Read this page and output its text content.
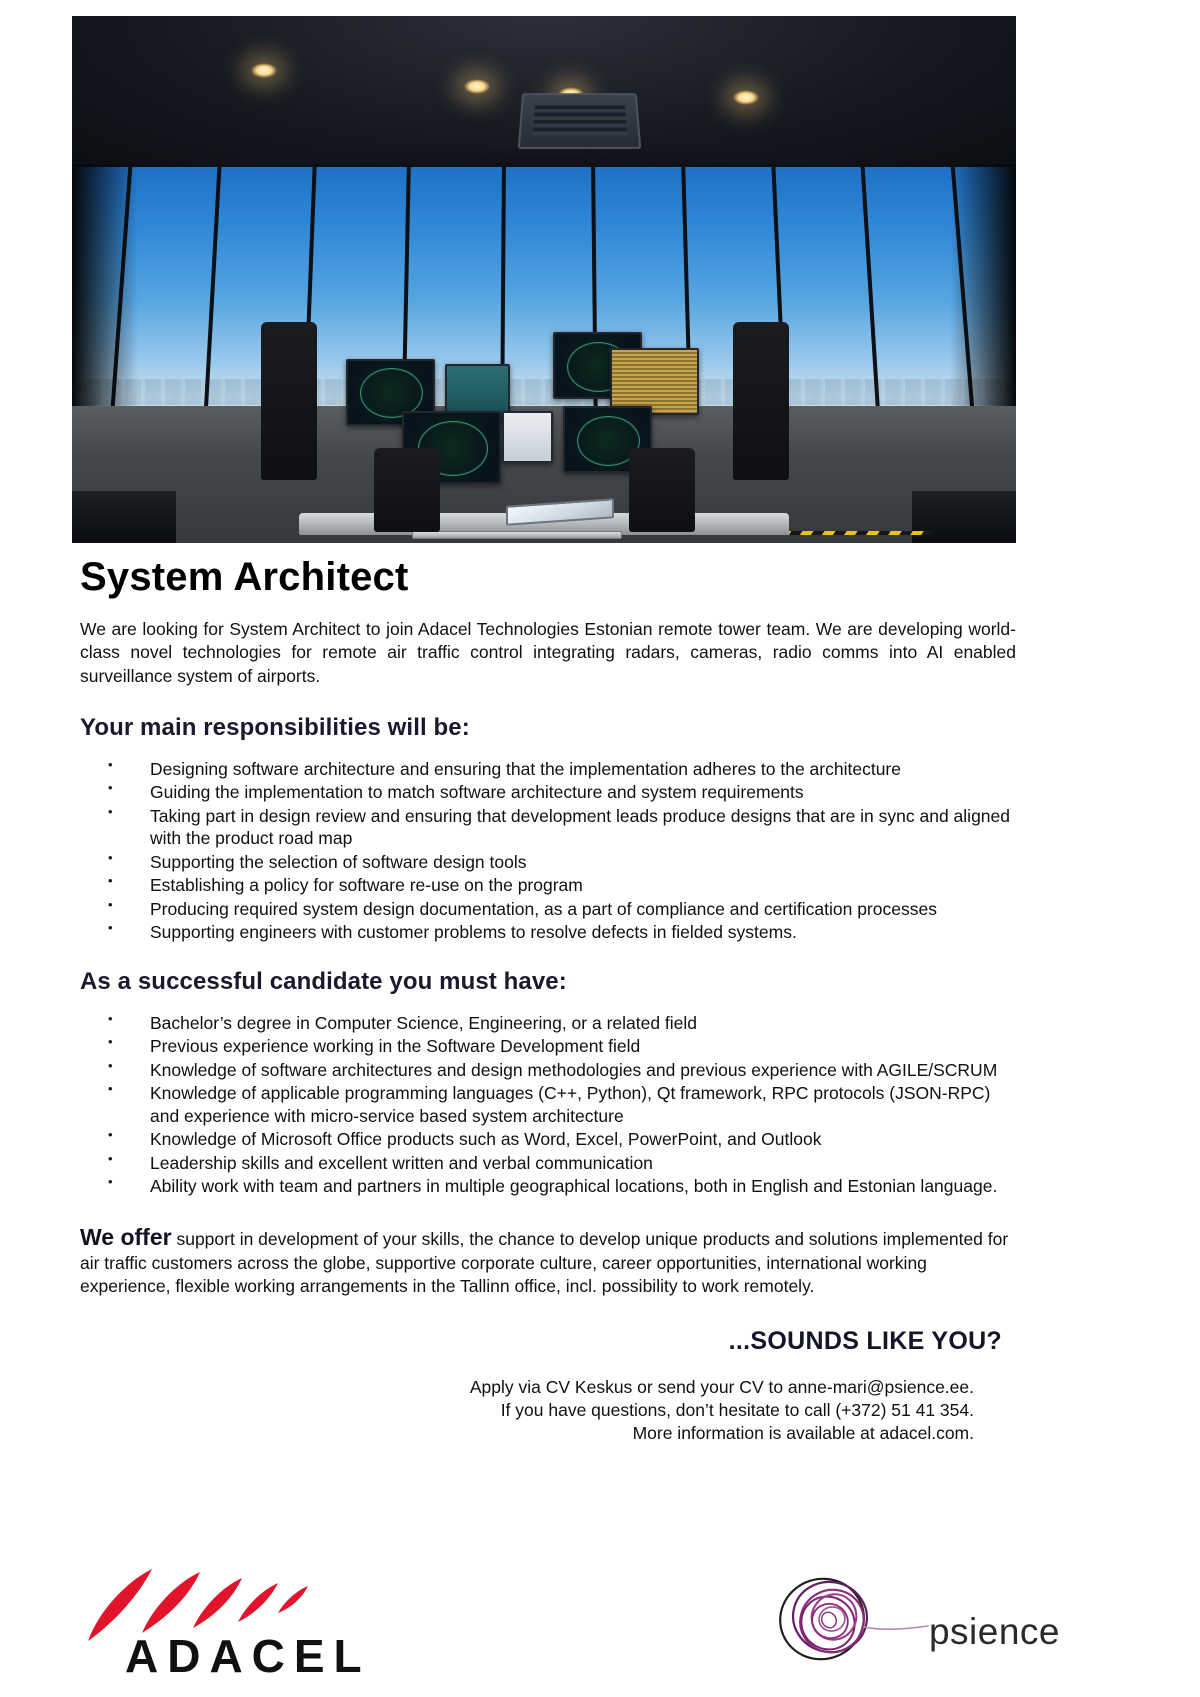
System Architect

We are looking for System Architect to join Adacel Technologies Estonian remote tower team. We are developing world-class novel technologies for remote air traffic control integrating radars, cameras, radio comms into AI enabled surveillance system of airports.

Your main responsibilities will be:
• Designing software architecture and ensuring that the implementation adheres to the architecture
• Guiding the implementation to match software architecture and system requirements
• Taking part in design review and ensuring that development leads produce designs that are in sync and aligned with the product road map
• Supporting the selection of software design tools
• Establishing a policy for software re-use on the program
• Producing required system design documentation, as a part of compliance and certification processes
• Supporting engineers with customer problems to resolve defects in fielded systems.
As a successful candidate you must have:
• Bachelor’s degree in Computer Science, Engineering, or a related field
• Previous experience working in the Software Development field
• Knowledge of software architectures and design methodologies and previous experience with AGILE/SCRUM
• Knowledge of applicable programming languages (C++, Python), Qt framework, RPC protocols (JSON-RPC) and experience with micro-service based system architecture
• Knowledge of Microsoft Office products such as Word, Excel, PowerPoint, and Outlook
• Leadership skills and excellent written and verbal communication
• Ability work with team and partners in multiple geographical locations, both in English and Estonian language.

We offer support in development of your skills, the chance to develop unique products and solutions implemented for air traffic customers across the globe, supportive corporate culture, career opportunities, international working experience, flexible working arrangements in the Tallinn office, incl. possibility to work remotely.

...SOUNDS LIKE YOU?
Apply via CV Keskus or send your CV to anne-mari@psience.ee.
If you have questions, don’t hesitate to call (+372) 51 41 354.
More information is available at adacel.com.
ADACEL	psience
